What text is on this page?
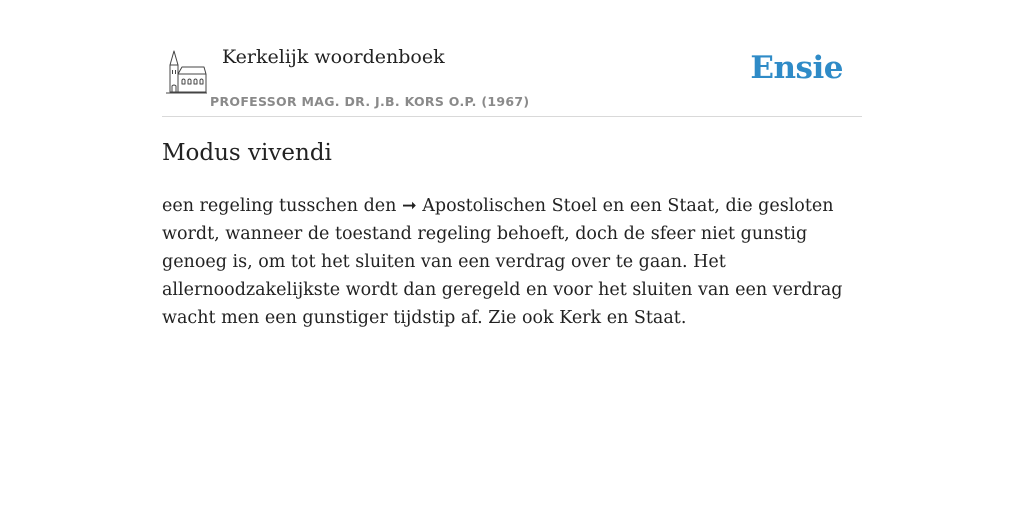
Kerkelijk woordenboek
PROFESSOR MAG. DR. J.B. KORS O.P. (1967)
Ensie
Modus vivendi

een regeling tusschen den ➞ Apostolischen Stoel en een Staat, die gesloten wordt, wanneer de toestand regeling behoeft, doch de sfeer niet gunstig genoeg is, om tot het sluiten van een verdrag over te gaan. Het allernoodzakelijkste wordt dan geregeld en voor het sluiten van een verdrag wacht men een gunstiger tijdstip af. Zie ook Kerk en Staat.
